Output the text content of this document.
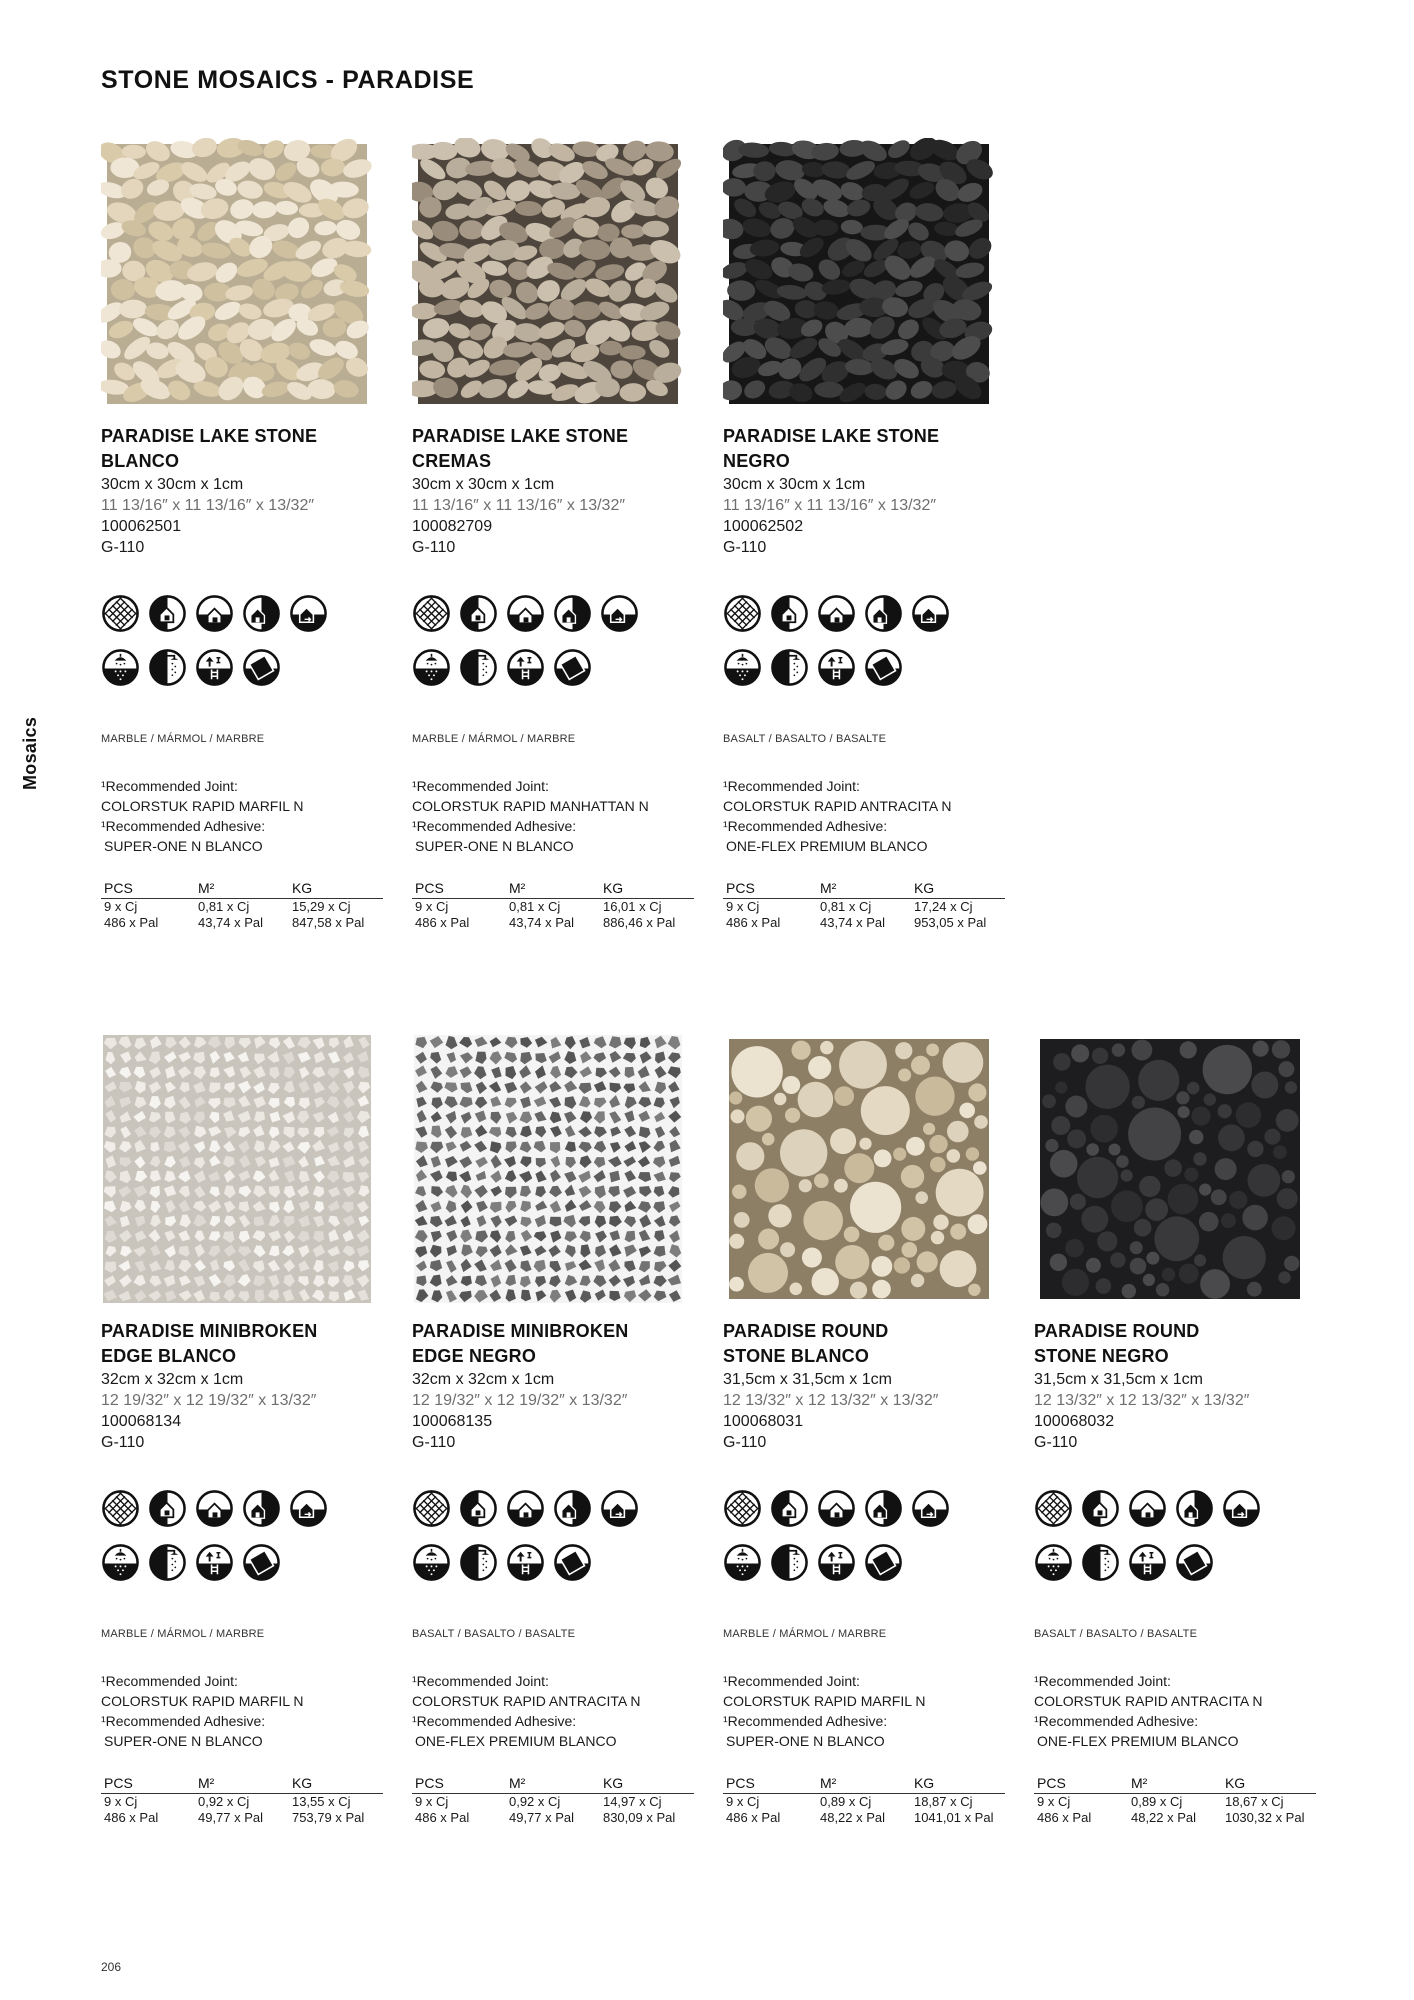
STONE MOSAICS - PARADISE
Mosaics
PARADISE LAKE STONE BLANCO
30cm x 30cm x 1cm
11 13/16″ x 11 13/16″ x 13/32″
100062501
G-110
MARBLE / MÁRMOL / MARBRE
¹Recommended Joint:
COLORSTUK RAPID MARFIL N
¹Recommended Adhesive:
SUPER-ONE N BLANCO
PCS	M²	KG
9 x Cj	0,81 x Cj	15,29 x Cj
486 x Pal	43,74 x Pal	847,58 x Pal
PARADISE LAKE STONE CREMAS
30cm x 30cm x 1cm
11 13/16″ x 11 13/16″ x 13/32″
100082709
G-110
MARBLE / MÁRMOL / MARBRE
¹Recommended Joint:
COLORSTUK RAPID MANHATTAN N
¹Recommended Adhesive:
SUPER-ONE N BLANCO
PCS	M²	KG
9 x Cj	0,81 x Cj	16,01 x Cj
486 x Pal	43,74 x Pal	886,46 x Pal
PARADISE LAKE STONE NEGRO
30cm x 30cm x 1cm
11 13/16″ x 11 13/16″ x 13/32″
100062502
G-110
BASALT / BASALTO / BASALTE
¹Recommended Joint:
COLORSTUK RAPID ANTRACITA N
¹Recommended Adhesive:
ONE-FLEX PREMIUM BLANCO
PCS	M²	KG
9 x Cj	0,81 x Cj	17,24 x Cj
486 x Pal	43,74 x Pal	953,05 x Pal
PARADISE MINIBROKEN
EDGE BLANCO
32cm x 32cm x 1cm
12 19/32″ x 12 19/32″ x 13/32″
100068134
G-110
MARBLE / MÁRMOL / MARBRE
¹Recommended Joint:
COLORSTUK RAPID MARFIL N
¹Recommended Adhesive:
SUPER-ONE N BLANCO
PCS	M²	KG
9 x Cj	0,92 x Cj	13,55 x Cj
486 x Pal	49,77 x Pal	753,79 x Pal
PARADISE MINIBROKEN
EDGE NEGRO
32cm x 32cm x 1cm
12 19/32″ x 12 19/32″ x 13/32″
100068135
G-110
BASALT / BASALTO / BASALTE
¹Recommended Joint:
COLORSTUK RAPID ANTRACITA N
¹Recommended Adhesive:
ONE-FLEX PREMIUM BLANCO
PCS	M²	KG
9 x Cj	0,92 x Cj	14,97 x Cj
486 x Pal	49,77 x Pal	830,09 x Pal
PARADISE ROUND
STONE BLANCO
31,5cm x 31,5cm x 1cm
12 13/32″ x 12 13/32″ x 13/32″
100068031
G-110
MARBLE / MÁRMOL / MARBRE
¹Recommended Joint:
COLORSTUK RAPID MARFIL N
¹Recommended Adhesive:
SUPER-ONE N BLANCO
PCS	M²	KG
9 x Cj	0,89 x Cj	18,87 x Cj
486 x Pal	48,22 x Pal	1041,01 x Pal
PARADISE ROUND
STONE NEGRO
31,5cm x 31,5cm x 1cm
12 13/32″ x 12 13/32″ x 13/32″
100068032
G-110
BASALT / BASALTO / BASALTE
¹Recommended Joint:
COLORSTUK RAPID ANTRACITA N
¹Recommended Adhesive:
ONE-FLEX PREMIUM BLANCO
PCS	M²	KG
9 x Cj	0,89 x Cj	18,67 x Cj
486 x Pal	48,22 x Pal	1030,32 x Pal
206
